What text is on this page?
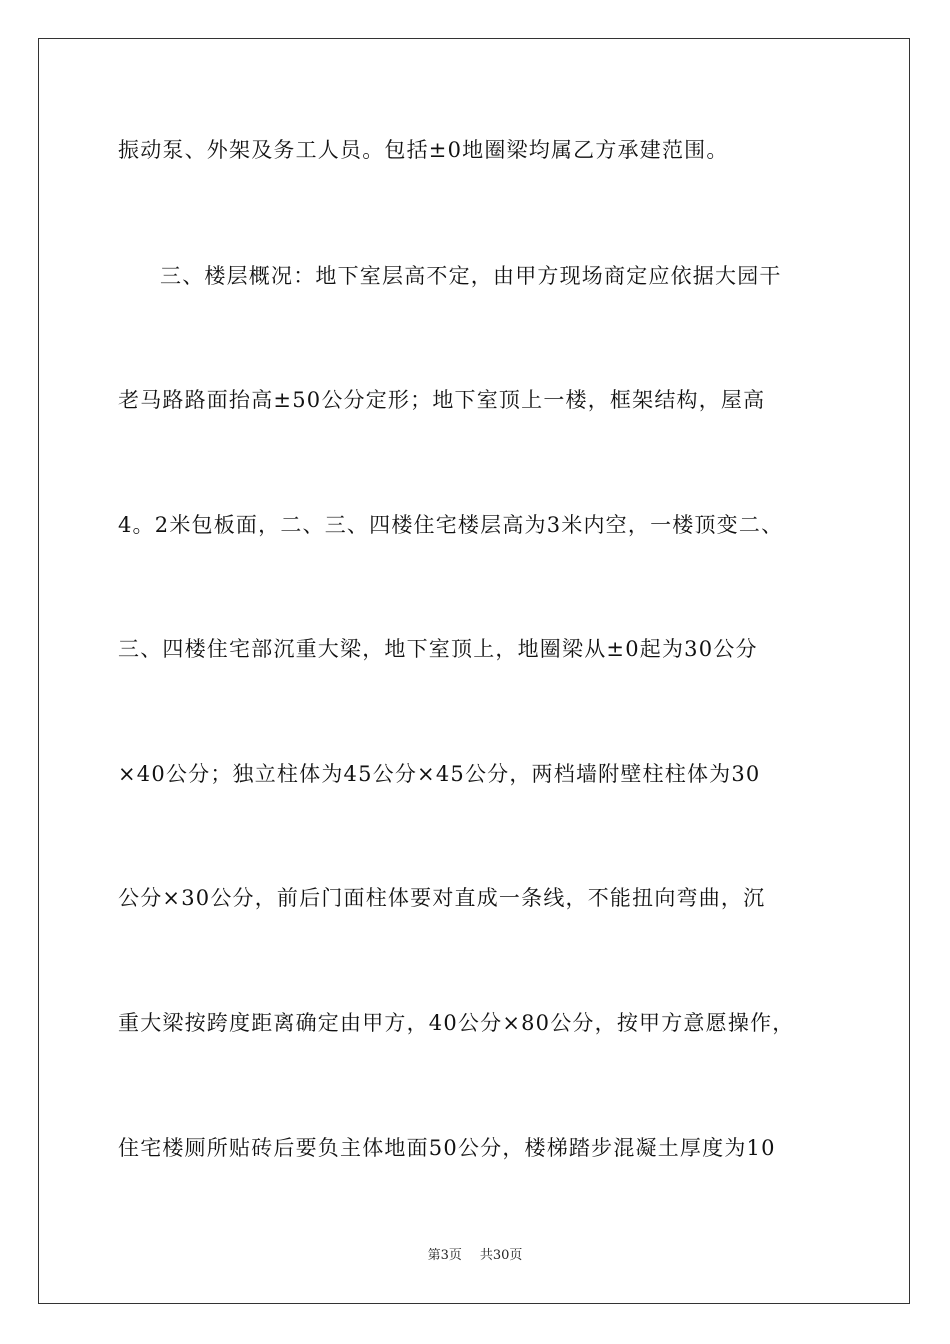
振动泵、外架及务工人员。包括±0地圈梁均属乙方承建范围。
三、楼层概况：地下室层高不定，由甲方现场商定应依据大园干
老马路路面抬高±50公分定形；地下室顶上一楼，框架结构，屋高
4。2米包板面，二、三、四楼住宅楼层高为3米内空，一楼顶变二、
三、四楼住宅部沉重大梁，地下室顶上，地圈梁从±0起为30公分
×40公分；独立柱体为45公分×45公分，两档墙附壁柱柱体为30
公分×30公分，前后门面柱体要对直成一条线，不能扭向弯曲，沉
重大梁按跨度距离确定由甲方，40公分×80公分，按甲方意愿操作，
住宅楼厕所贴砖后要负主体地面50公分，楼梯踏步混凝土厚度为10
第3页 共30页
